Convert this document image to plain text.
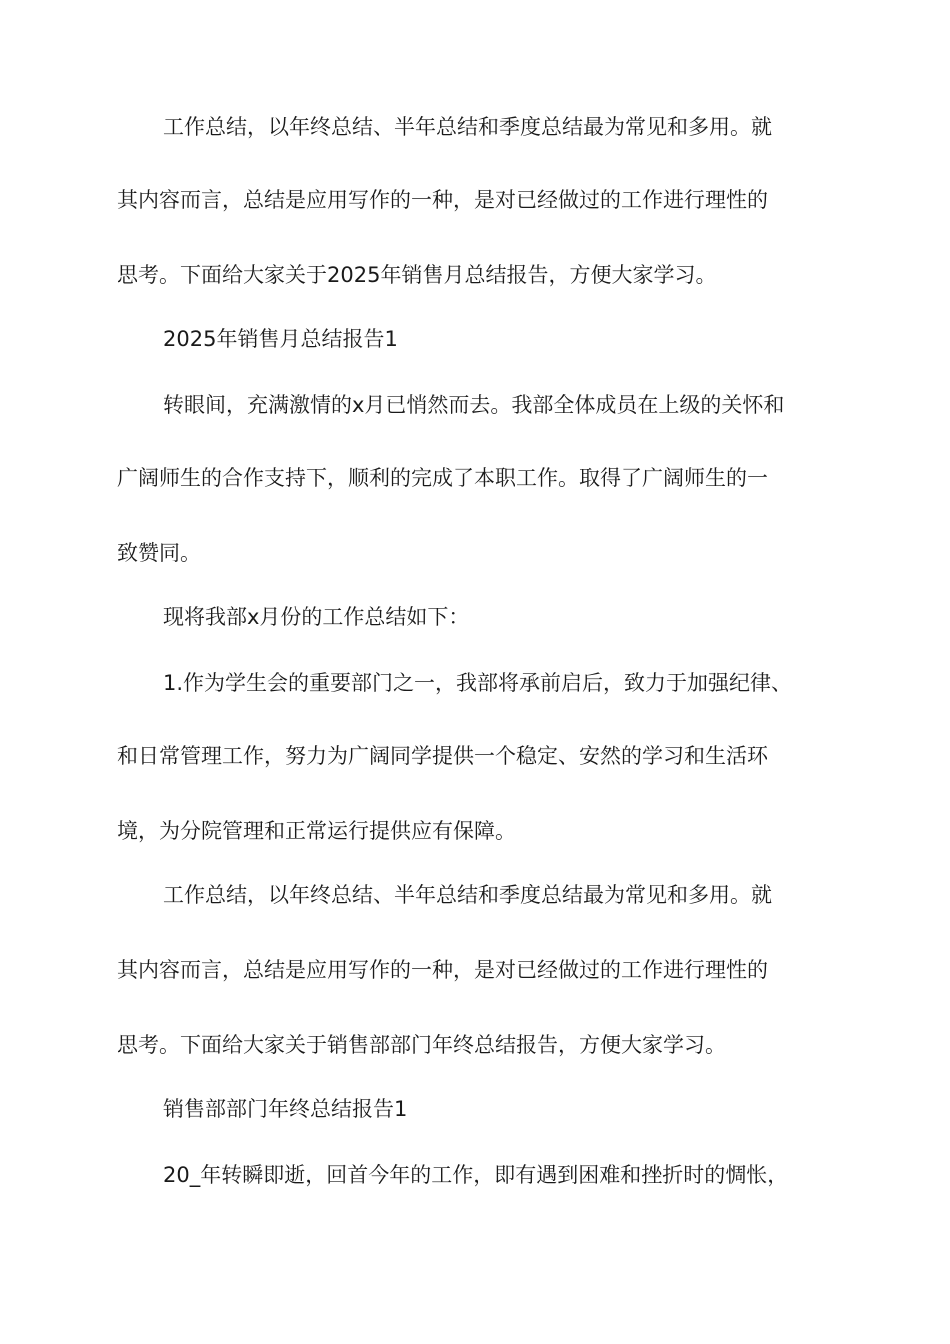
工作总结，以年终总结、半年总结和季度总结最为常见和多用。就

其内容而言，总结是应用写作的一种，是对已经做过的工作进行理性的

思考。下面给大家关于2025年销售月总结报告，方便大家学习。

2025年销售月总结报告1

转眼间，充满激情的x月已悄然而去。我部全体成员在上级的关怀和

广阔师生的合作支持下，顺利的完成了本职工作。取得了广阔师生的一

致赞同。

现将我部x月份的工作总结如下：

1.作为学生会的重要部门之一，我部将承前启后，致力于加强纪律、

和日常管理工作，努力为广阔同学提供一个稳定、安然的学习和生活环

境，为分院管理和正常运行提供应有保障。

工作总结，以年终总结、半年总结和季度总结最为常见和多用。就

其内容而言，总结是应用写作的一种，是对已经做过的工作进行理性的

思考。下面给大家关于销售部部门年终总结报告，方便大家学习。

销售部部门年终总结报告1

20_年转瞬即逝，回首今年的工作，即有遇到困难和挫折时的惆怅，
